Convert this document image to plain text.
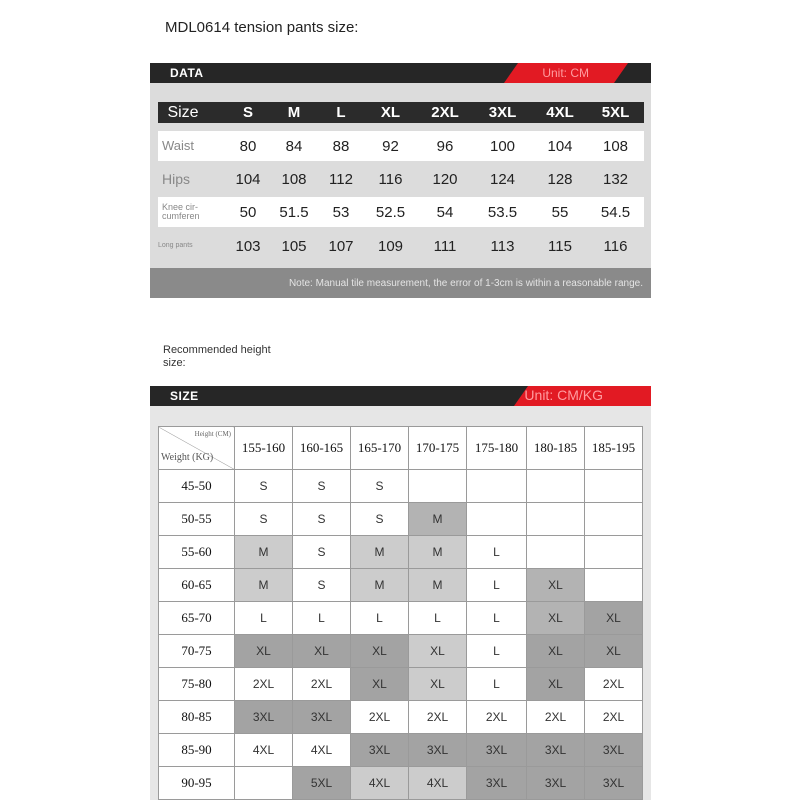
MDL0614 tension pants size:
DATA	Unit: CM
Size	S	M	L	XL	2XL	3XL	4XL	5XL
Waist	80	84	88	92	96	100	104	108
Hips	104	108	112	116	120	124	128	132
Knee cir-
cumferen	50	51.5	53	52.5	54	53.5	55	54.5
Long pants	103	105	107	109	111	113	115	116
Note: Manual tile measurement, the error of 1-3cm is within a reasonable range.
Recommended height size:
SIZE	Unit: CM/KG
Height (CM)
Weight (KG)	155-160	160-165	165-170	170-175	175-180	180-185	185-195
45-50	S	S	S				
50-55	S	S	S	M			
55-60	M	S	M	M	L		
60-65	M	S	M	M	L	XL	
65-70	L	L	L	L	L	XL	XL
70-75	XL	XL	XL	XL	L	XL	XL
75-80	2XL	2XL	XL	XL	L	XL	2XL
80-85	3XL	3XL	2XL	2XL	2XL	2XL	2XL
85-90	4XL	4XL	3XL	3XL	3XL	3XL	3XL
90-95		5XL	4XL	4XL	3XL	3XL	3XL
